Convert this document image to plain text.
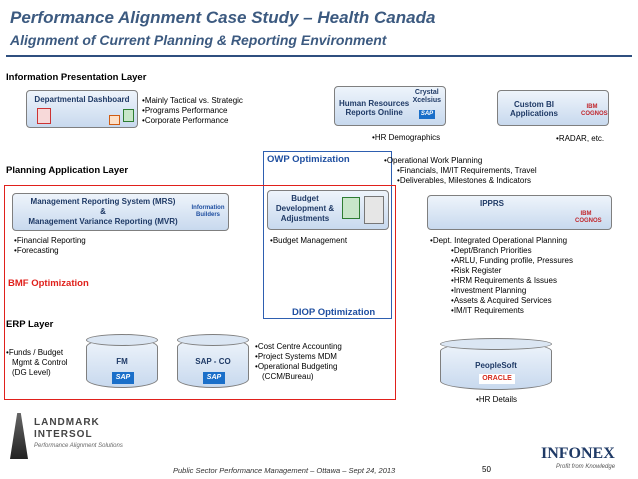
Performance Alignment Case Study – Health Canada
Alignment of Current Planning & Reporting Environment
Information Presentation Layer
Departmental Dashboard	• Mainly Tactical vs. Strategic
• Programs Performance
• Corporate Performance
Human Resources
Reports Online
Crystal
Xcelsius
SAP
• HR Demographics
Custom BI
Applications
IBM COGNOS
• RADAR, etc.
Planning Application Layer
OWP Optimization	• Operational Work Planning
• Financials, IM/IT Requirements, Travel
• Deliverables, Milestones & Indicators
Management Reporting System (MRS)
&
Management Variance Reporting (MVR)
Information Builders
• Financial Reporting
• Forecasting
Budget
Development &
Adjustments
• Budget Management
IPPRS
IBM COGNOS
• Dept. Integrated Operational Planning
• Dept/Branch Priorities
• ARLU, Funding profile, Pressures
• Risk Register
• HRM Requirements & Issues
• Investment Planning
• Assets & Acquired Services
• IM/IT Requirements
BMF Optimization
DIOP Optimization
ERP Layer
• Funds / Budget
Mgmt & Control
(DG Level)
FM
SAP
SAP - CO
SAP
• Cost Centre Accounting
• Project Systems MDM
• Operational Budgeting
(CCM/Bureau)
PeopleSoft
ORACLE
• HR Details
LANDMARK
INTERSOL
Performance Alignment Solutions
Public Sector Performance Management – Ottawa – Sept 24, 2013	50
INFONEX
Profit from Knowledge
